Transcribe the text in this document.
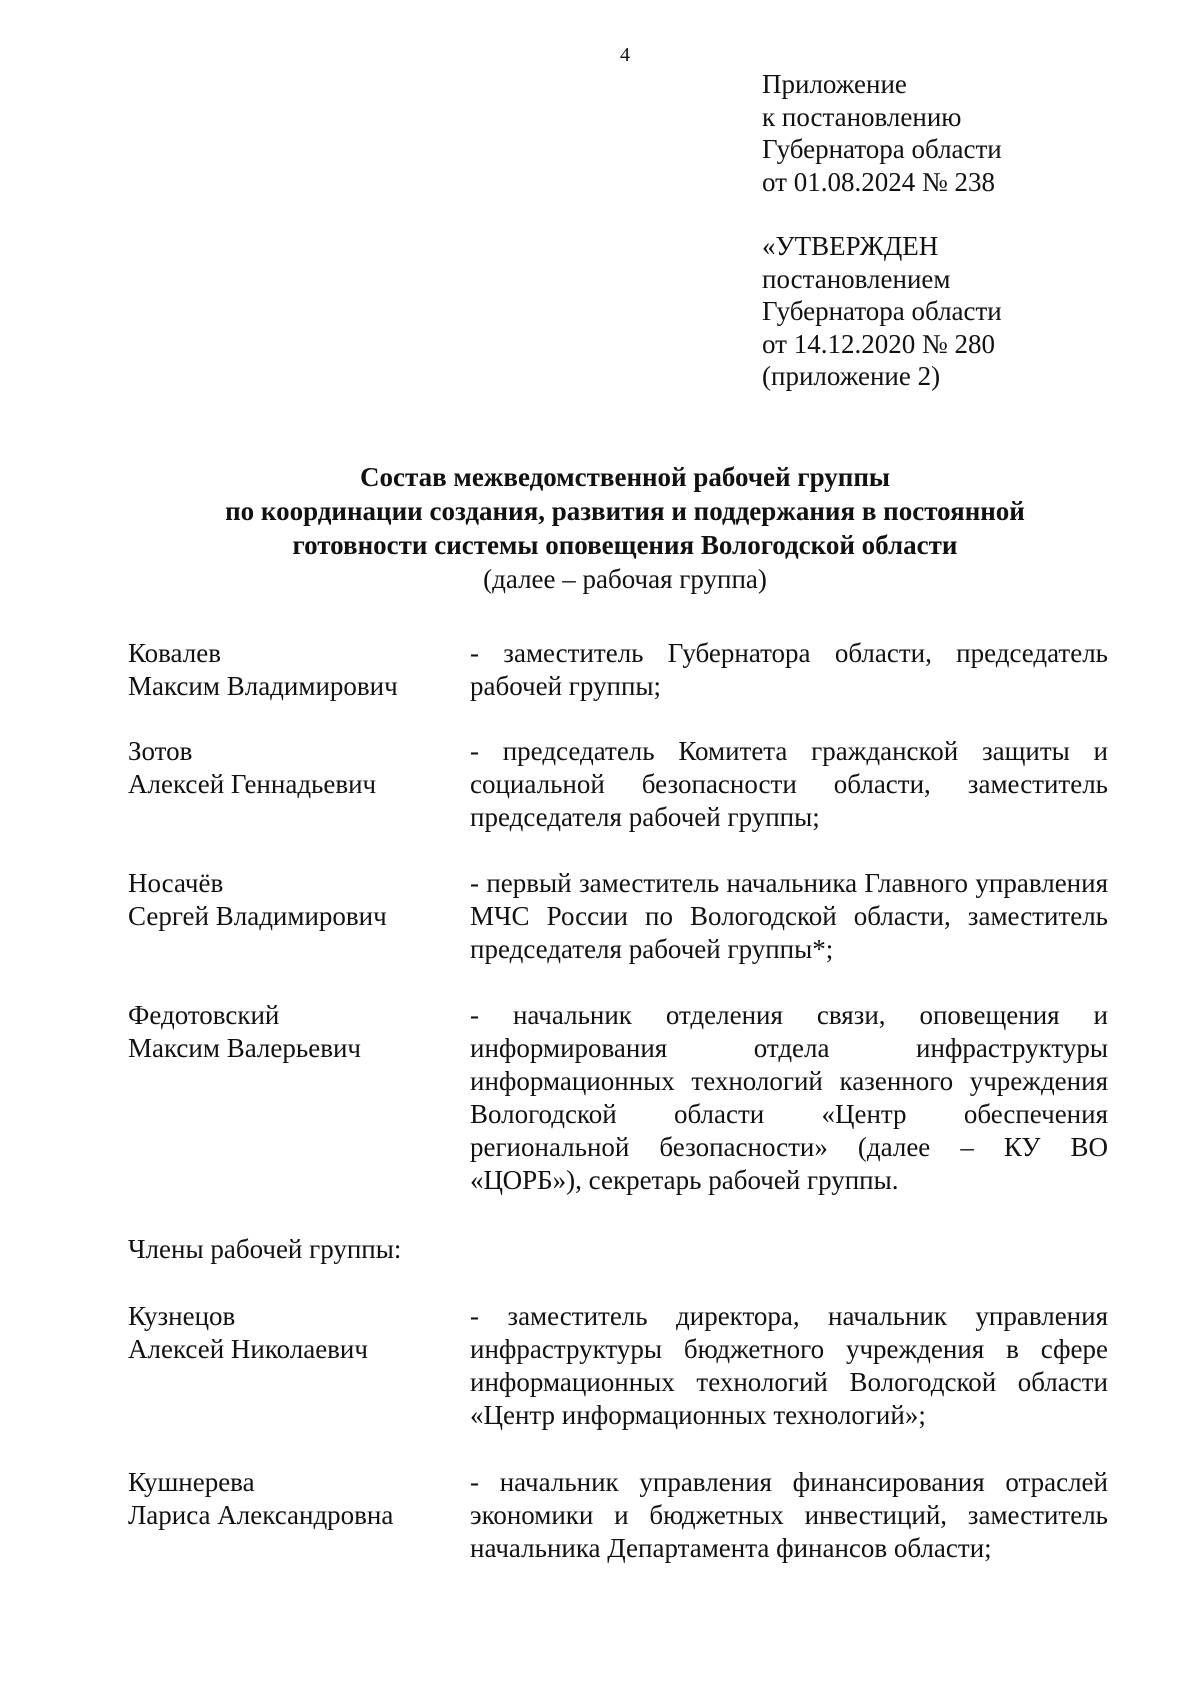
4
Приложение
к постановлению
Губернатора области
от 01.08.2024 № 238
«УТВЕРЖДЕН
постановлением
Губернатора области
от 14.12.2020 № 280
(приложение 2)
Состав межведомственной рабочей группы
по координации создания, развития и поддержания в постоянной
готовности системы оповещения Вологодской области
(далее – рабочая группа)
Ковалев
Максим Владимирович
- заместитель Губернатора области, председатель рабочей группы;
Зотов
Алексей Геннадьевич
- председатель Комитета гражданской защиты и социальной безопасности области, заместитель председателя рабочей группы;
Носачёв
Сергей Владимирович
- первый заместитель начальника Главного управления МЧС России по Вологодской области, заместитель председателя рабочей группы*;
Федотовский
Максим Валерьевич
- начальник отделения связи, оповещения и информирования отдела инфраструктуры информационных технологий казенного учреждения Вологодской области «Центр обеспечения региональной безопасности» (далее – КУ ВО «ЦОРБ»), секретарь рабочей группы.
Члены рабочей группы:
Кузнецов
Алексей Николаевич
- заместитель директора, начальник управления инфраструктуры бюджетного учреждения в сфере информационных технологий Вологодской области «Центр информационных технологий»;
Кушнерева
Лариса Александровна
- начальник управления финансирования отраслей экономики и бюджетных инвестиций, заместитель начальника Департамента финансов области;
